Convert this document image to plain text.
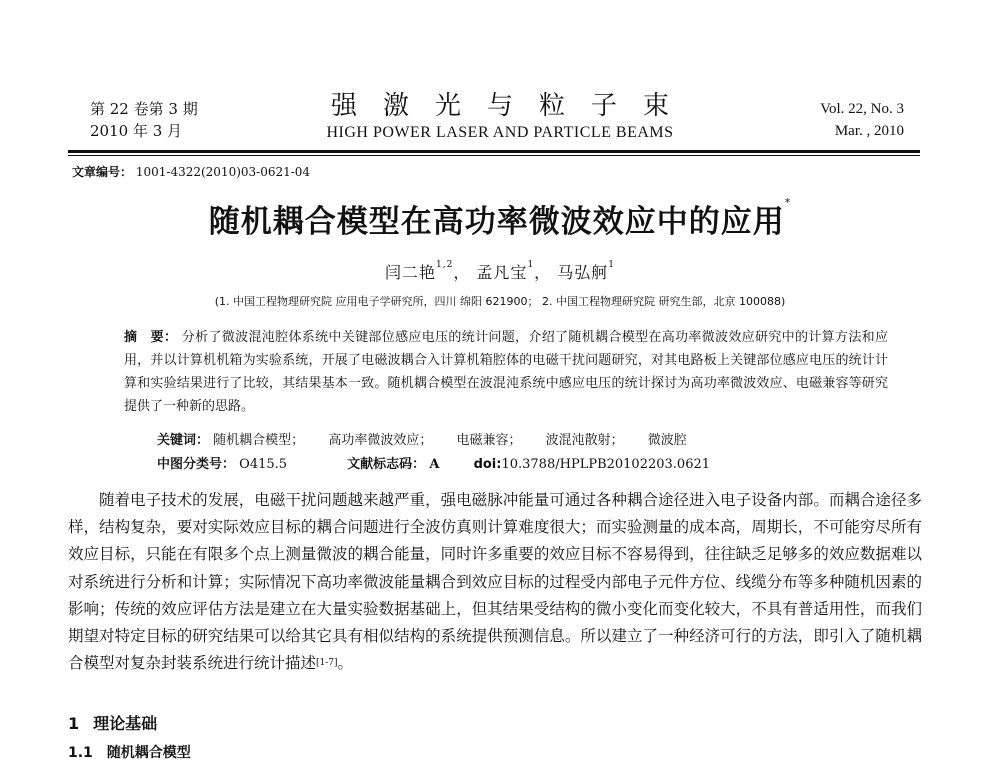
第 22 卷第 3 期
2010 年 3 月
强激光与粒子束
HIGH POWER LASER AND PARTICLE BEAMS
Vol. 22, No. 3
Mar. , 2010
文章编号： 1001-4322(2010)03-0621-04
随机耦合模型在高功率微波效应中的应用*
闫二艳$^{1,2}$， 孟凡宝$^1$， 马弘舸$^1$
(1. 中国工程物理研究院 应用电子学研究所，四川 绵阳 621900； 2. 中国工程物理研究院 研究生部，北京 100088)
摘　要： 分析了微波混沌腔体系统中关键部位感应电压的统计问题，介绍了随机耦合模型在高功率微波效应研究中的计算方法和应用，并以计算机机箱为实验系统，开展了电磁波耦合入计算机箱腔体的电磁干扰问题研究，对其电路板上关键部位感应电压的统计计算和实验结果进行了比较，其结果基本一致。随机耦合模型在波混沌系统中感应电压的统计探讨为高功率微波效应、电磁兼容等研究提供了一种新的思路。
关键词： 随机耦合模型； 高功率微波效应； 电磁兼容； 波混沌散射； 微波腔
中图分类号： O415.5	文献标志码： A	doi:10.3788/HPLPB20102203.0621
随着电子技术的发展，电磁干扰问题越来越严重，强电磁脉冲能量可通过各种耦合途径进入电子设备内部。而耦合途径多样，结构复杂，要对实际效应目标的耦合问题进行全波仿真则计算难度很大；而实验测量的成本高，周期长，不可能穷尽所有效应目标，只能在有限多个点上测量微波的耦合能量，同时许多重要的效应目标不容易得到，往往缺乏足够多的效应数据难以对系统进行分析和计算；实际情况下高功率微波能量耦合到效应目标的过程受内部电子元件方位、线缆分布等多种随机因素的影响；传统的效应评估方法是建立在大量实验数据基础上，但其结果受结构的微小变化而变化较大，不具有普适用性，而我们期望对特定目标的研究结果可以给其它具有相似结构的系统提供预测信息。所以建立了一种经济可行的方法，即引入了随机耦合模型对复杂封装系统进行统计描述[1-7]。
1 理论基础
1.1 随机耦合模型
